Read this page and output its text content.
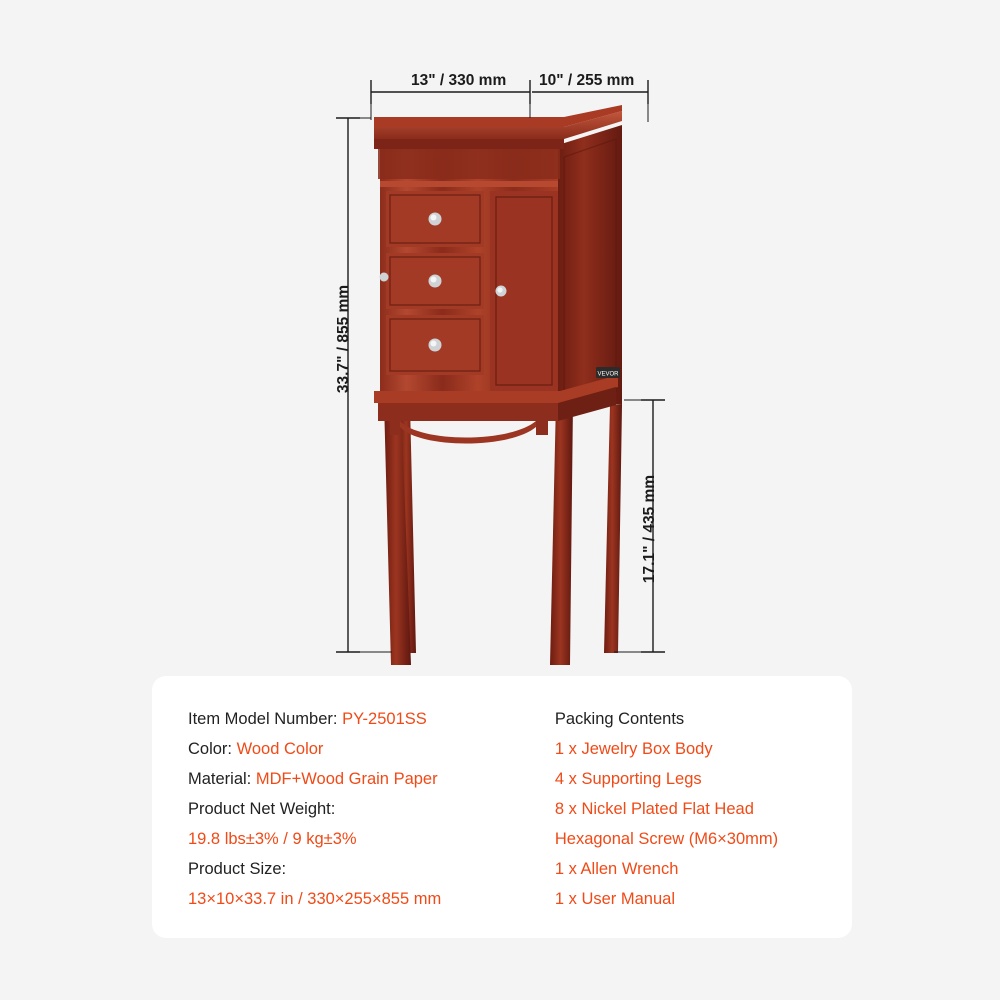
VEVOR
13" / 330 mm 10" / 255 mm
33.7" / 855 mm
17.1" / 435 mm
Item Model Number: PY-2501SS
Color: Wood Color
Material: MDF+Wood Grain Paper
Product Net Weight:
19.8 lbs±3% / 9 kg±3%
Product Size:
13×10×33.7 in / 330×255×855 mm
Packing Contents
1 x Jewelry Box Body
4 x Supporting Legs
8 x Nickel Plated Flat Head
Hexagonal Screw (M6×30mm)
1 x Allen Wrench
1 x User Manual
